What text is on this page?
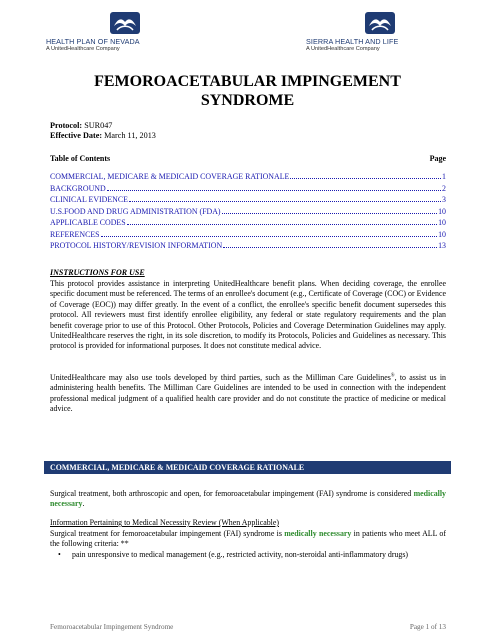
HEALTH PLAN OF NEVADA
A UnitedHealthcare Company
SIERRA HEALTH AND LIFE
A UnitedHealthcare Company
FEMOROACETABULAR IMPINGEMENT
SYNDROME
Protocol: SUR047
Effective Date: March 11, 2013
Table of Contents	Page
COMMERCIAL, MEDICARE & MEDICAID COVERAGE RATIONALE	1
BACKGROUND	2
CLINICAL EVIDENCE	3
U.S.FOOD AND DRUG ADMINISTRATION (FDA)	10
APPLICABLE CODES	10
REFERENCES	10
PROTOCOL HISTORY/REVISION INFORMATION	13
INSTRUCTIONS FOR USE
This protocol provides assistance in interpreting UnitedHealthcare benefit plans. When deciding coverage, the enrollee specific document must be referenced. The terms of an enrollee's document (e.g., Certificate of Coverage (COC) or Evidence of Coverage (EOC)) may differ greatly. In the event of a conflict, the enrollee's specific benefit document supersedes this protocol. All reviewers must first identify enrollee eligibility, any federal or state regulatory requirements and the plan benefit coverage prior to use of this Protocol. Other Protocols, Policies and Coverage Determination Guidelines may apply. UnitedHealthcare reserves the right, in its sole discretion, to modify its Protocols, Policies and Guidelines as necessary. This protocol is provided for informational purposes. It does not constitute medical advice.
UnitedHealthcare may also use tools developed by third parties, such as the Milliman Care Guidelines®, to assist us in administering health benefits. The Milliman Care Guidelines are intended to be used in connection with the independent professional medical judgment of a qualified health care provider and do not constitute the practice of medicine or medical advice.
COMMERCIAL, MEDICARE & MEDICAID COVERAGE RATIONALE
Surgical treatment, both arthroscopic and open, for femoroacetabular impingement (FAI) syndrome is considered medically necessary.
Information Pertaining to Medical Necessity Review (When Applicable)
Surgical treatment for femoroacetabular impingement (FAI) syndrome is medically necessary in patients who meet ALL of the following criteria: **
• pain unresponsive to medical management (e.g., restricted activity, non-steroidal anti-inflammatory drugs)
Femoroacetabular Impingement Syndrome	Page 1 of 13
